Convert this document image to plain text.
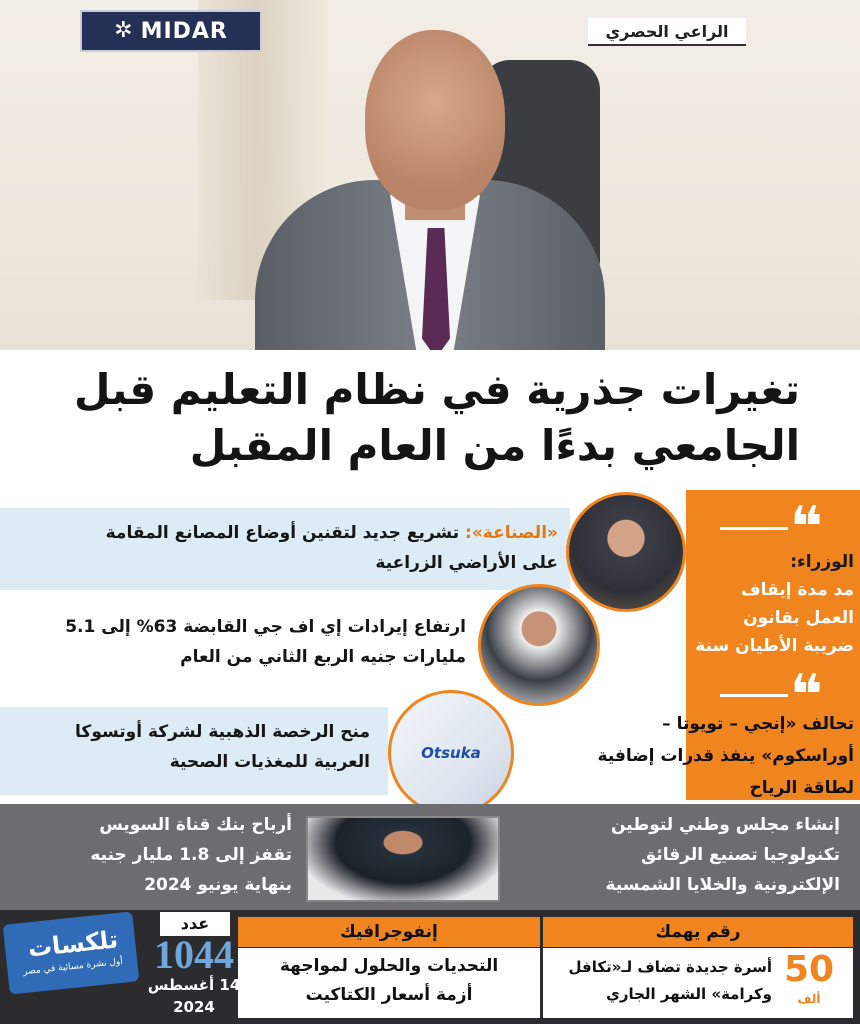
✲ MIDAR	الراعي الحصري
تغيرات جذرية في نظام التعليم قبل
الجامعي بدءًا من العام المقبل
❝
الوزراء:
مد مدة إيقاف
العمل بقانون
ضريبة الأطيان سنة
❝
تحالف «إنجي – تويوتا –
أوراسكوم» ينفذ قدرات إضافية
لطاقة الرياح
«الصناعة»: تشريع جديد لتقنين أوضاع المصانع المقامة
على الأراضي الزراعية
ارتفاع إيرادات إي اف جي القابضة 63% إلى 5.1
مليارات جنيه الربع الثاني من العام
منح الرخصة الذهبية لشركة أوتسوكا
العربية للمغذيات الصحية	Otsuka
إنشاء مجلس وطني لتوطين
تكنولوجيا تصنيع الرقائق
الإلكترونية والخلايا الشمسية
أرباح بنك قناة السويس
تقفز إلى 1.8 مليار جنيه
بنهاية يونيو 2024
رقم يهمك
إنفوجرافيك
50
ألف
أسرة جديدة تضاف لـ«تكافل
وكرامة» الشهر الجاري
التحديات والحلول لمواجهة
أزمة أسعار الكتاكيت
عدد
1044
14 أغسطس
2024
تلكسات
أول نشرة مسائية في مصر
